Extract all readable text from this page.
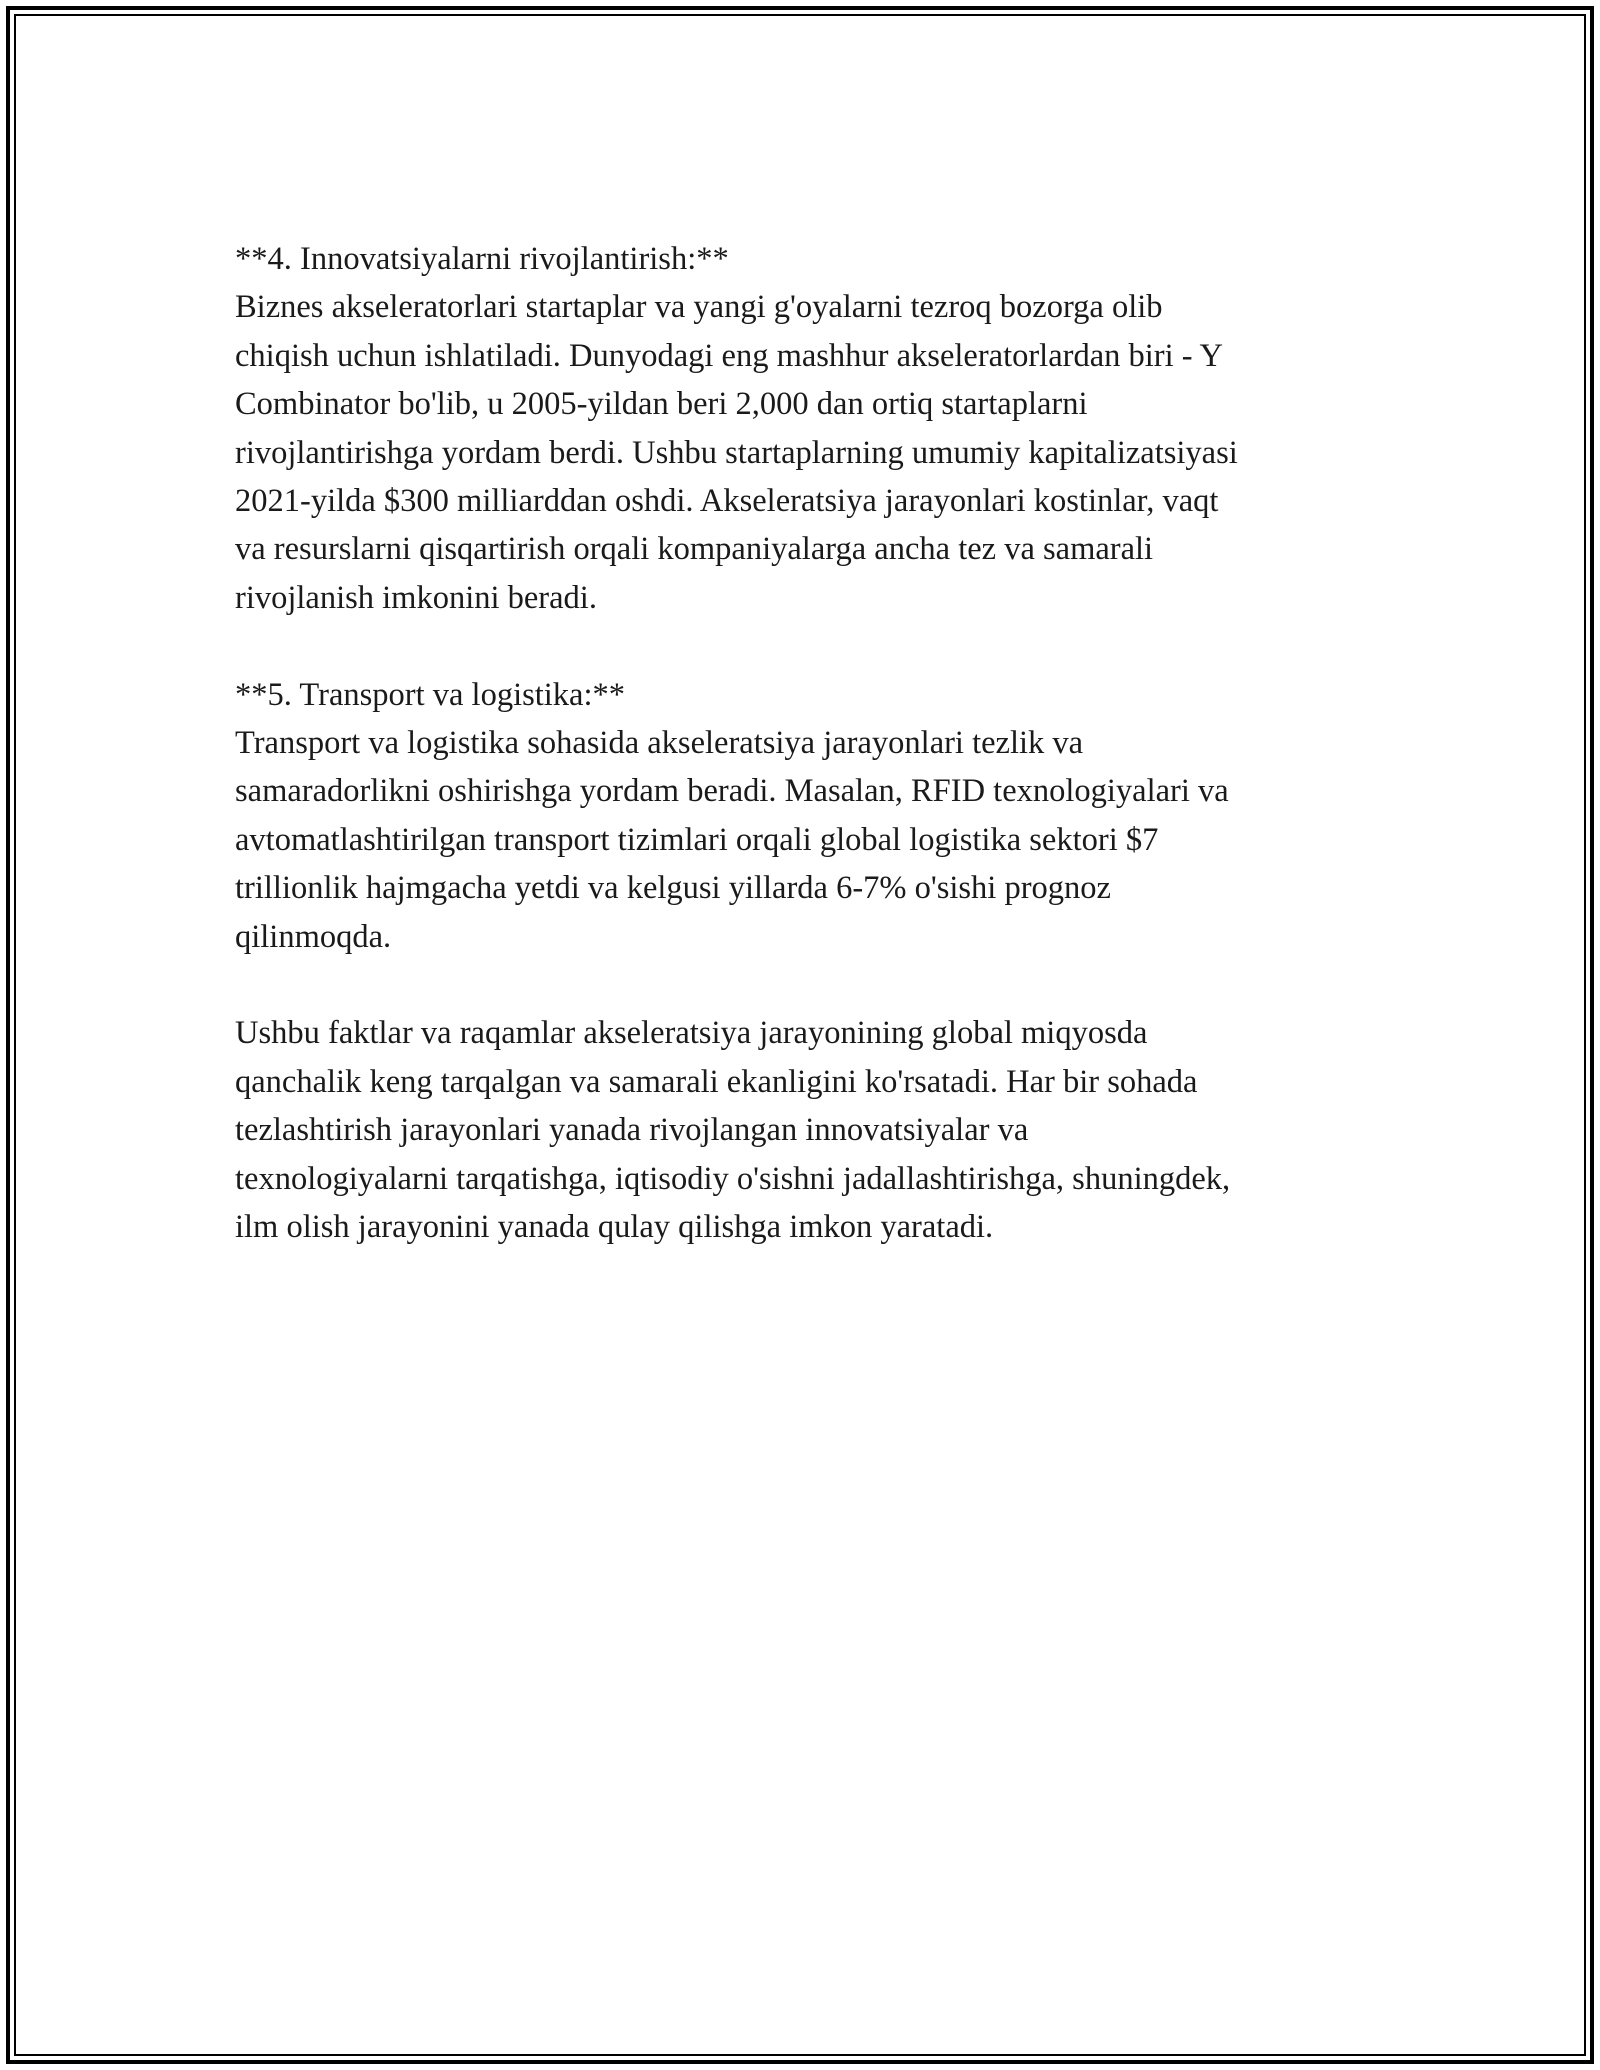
**4. Innovatsiyalarni rivojlantirish:**
Biznes akseleratorlari startaplar va yangi g'oyalarni tezroq bozorga olib
chiqish uchun ishlatiladi. Dunyodagi eng mashhur akseleratorlardan biri - Y
Combinator bo'lib, u 2005-yildan beri 2,000 dan ortiq startaplarni
rivojlantirishga yordam berdi. Ushbu startaplarning umumiy kapitalizatsiyasi
2021-yilda $300 milliarddan oshdi. Akseleratsiya jarayonlari kostinlar, vaqt
va resurslarni qisqartirish orqali kompaniyalarga ancha tez va samarali
rivojlanish imkonini beradi.
**5. Transport va logistika:**
Transport va logistika sohasida akseleratsiya jarayonlari tezlik va
samaradorlikni oshirishga yordam beradi. Masalan, RFID texnologiyalari va
avtomatlashtirilgan transport tizimlari orqali global logistika sektori $7
trillionlik hajmgacha yetdi va kelgusi yillarda 6-7% o'sishi prognoz
qilinmoqda.
Ushbu faktlar va raqamlar akseleratsiya jarayonining global miqyosda
qanchalik keng tarqalgan va samarali ekanligini ko'rsatadi. Har bir sohada
tezlashtirish jarayonlari yanada rivojlangan innovatsiyalar va
texnologiyalarni tarqatishga, iqtisodiy o'sishni jadallashtirishga, shuningdek,
ilm olish jarayonini yanada qulay qilishga imkon yaratadi.
